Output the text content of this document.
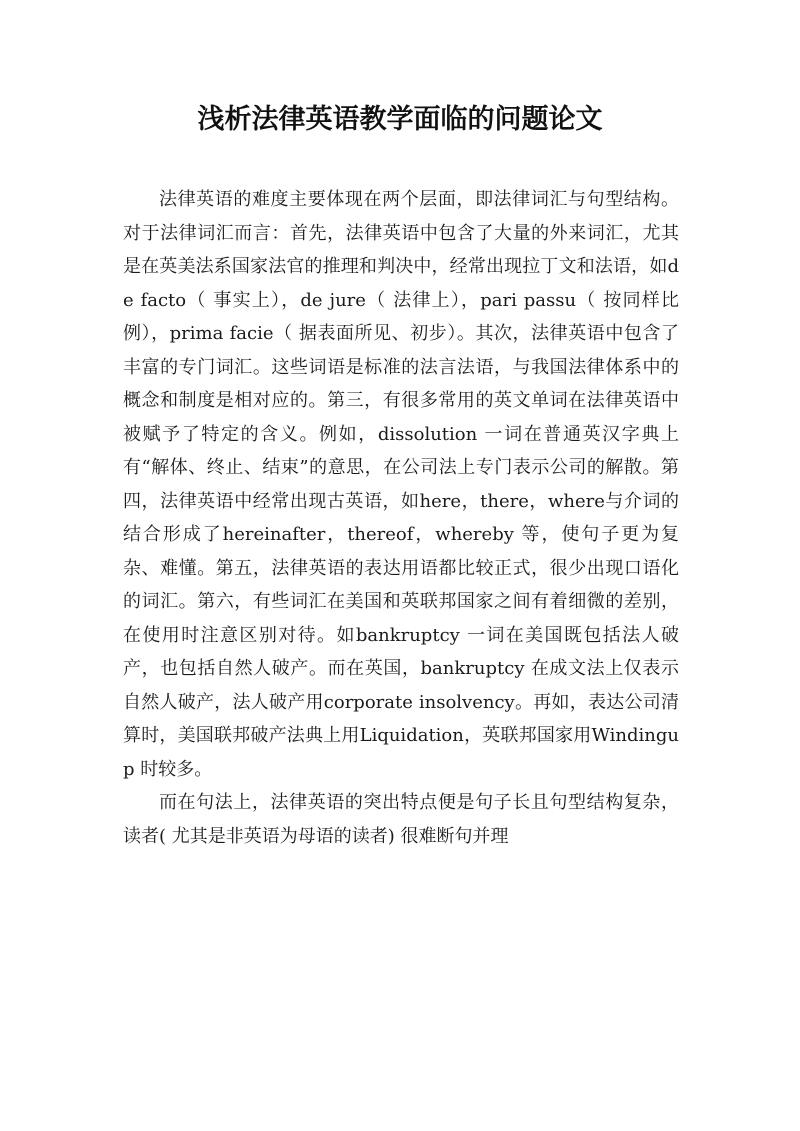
浅析法律英语教学面临的问题论文

法律英语的难度主要体现在两个层面，即法律词汇与句型结构。对于法律词汇而言：首先，法律英语中包含了大量的外来词汇，尤其是在英美法系国家法官的推理和判决中，经常出现拉丁文和法语，如de facto（ 事实上），de jure（ 法律上），pari passu（ 按同样比例），prima facie（ 据表面所见、初步）。其次，法律英语中包含了丰富的专门词汇。这些词语是标准的法言法语，与我国法律体系中的概念和制度是相对应的。第三，有很多常用的英文单词在法律英语中被赋予了特定的含义。例如，dissolution 一词在普通英汉字典上有“解体、终止、结束”的意思，在公司法上专门表示公司的解散。第四，法律英语中经常出现古英语，如here，there，where与介词的结合形成了hereinafter，thereof，whereby 等，使句子更为复杂、难懂。第五，法律英语的表达用语都比较正式，很少出现口语化的词汇。第六，有些词汇在美国和英联邦国家之间有着细微的差别，在使用时注意区别对待。如bankruptcy 一词在美国既包括法人破产，也包括自然人破产。而在英国，bankruptcy 在成文法上仅表示自然人破产，法人破产用corporate insolvency。再如，表达公司清算时，美国联邦破产法典上用Liquidation，英联邦国家用Windingup 时较多。

而在句法上，法律英语的突出特点便是句子长且句型结构复杂，读者( 尤其是非英语为母语的读者) 很难断句并理
